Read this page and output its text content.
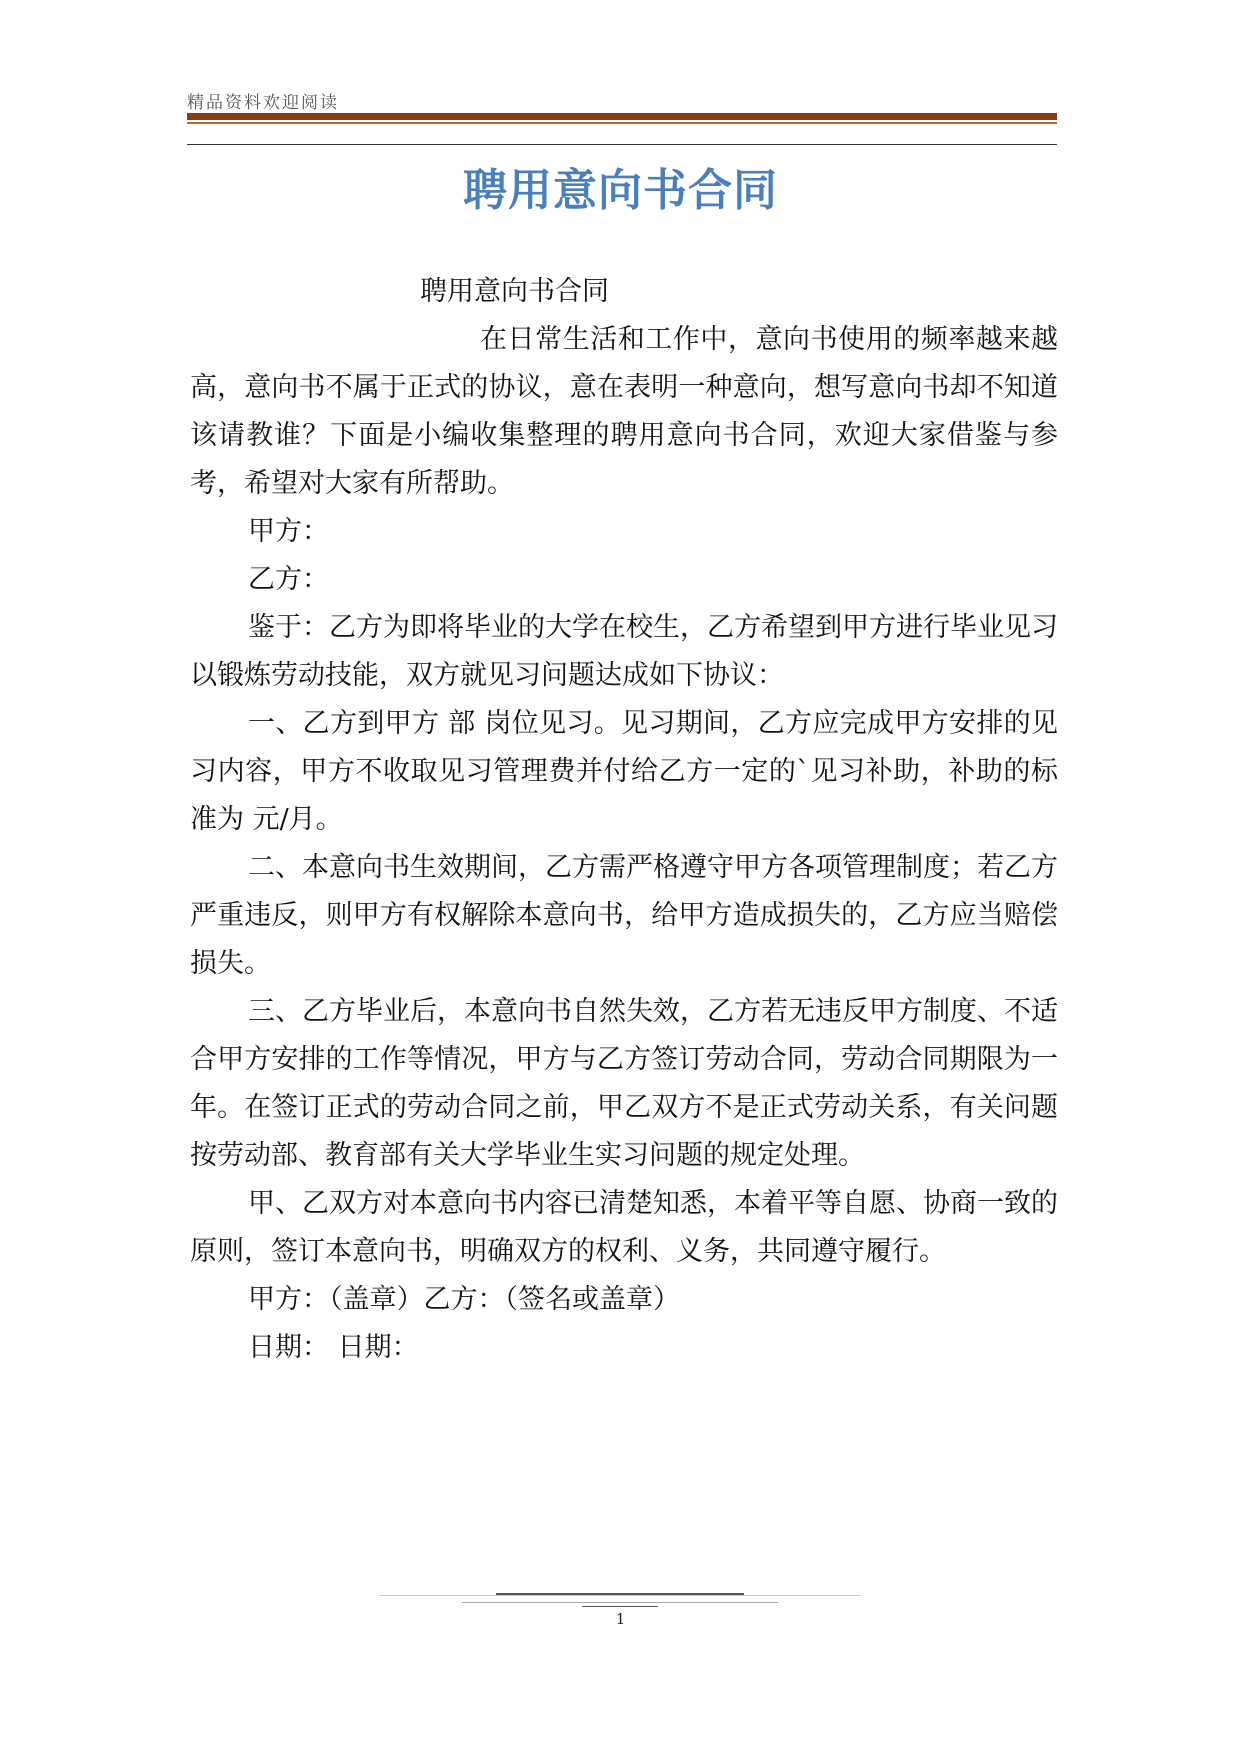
精品资料欢迎阅读
聘用意向书合同

聘用意向书合同

在日常生活和工作中，意向书使用的频率越来越高，意向书不属于正式的协议，意在表明一种意向，想写意向书却不知道该请教谁？下面是小编收集整理的聘用意向书合同，欢迎大家借鉴与参考，希望对大家有所帮助。

甲方：

乙方：

鉴于：乙方为即将毕业的大学在校生，乙方希望到甲方进行毕业见习以锻炼劳动技能，双方就见习问题达成如下协议：

一、乙方到甲方 部 岗位见习。见习期间，乙方应完成甲方安排的见习内容，甲方不收取见习管理费并付给乙方一定的`见习补助，补助的标准为 元/月。

二、本意向书生效期间，乙方需严格遵守甲方各项管理制度；若乙方严重违反，则甲方有权解除本意向书，给甲方造成损失的，乙方应当赔偿损失。

三、乙方毕业后，本意向书自然失效，乙方若无违反甲方制度、不适合甲方安排的工作等情况，甲方与乙方签订劳动合同，劳动合同期限为一年。在签订正式的劳动合同之前，甲乙双方不是正式劳动关系，有关问题按劳动部、教育部有关大学毕业生实习问题的规定处理。

甲、乙双方对本意向书内容已清楚知悉，本着平等自愿、协商一致的原则，签订本意向书，明确双方的权利、义务，共同遵守履行。

甲方：（盖章）乙方：（签名或盖章）

日期： 日期：

1
